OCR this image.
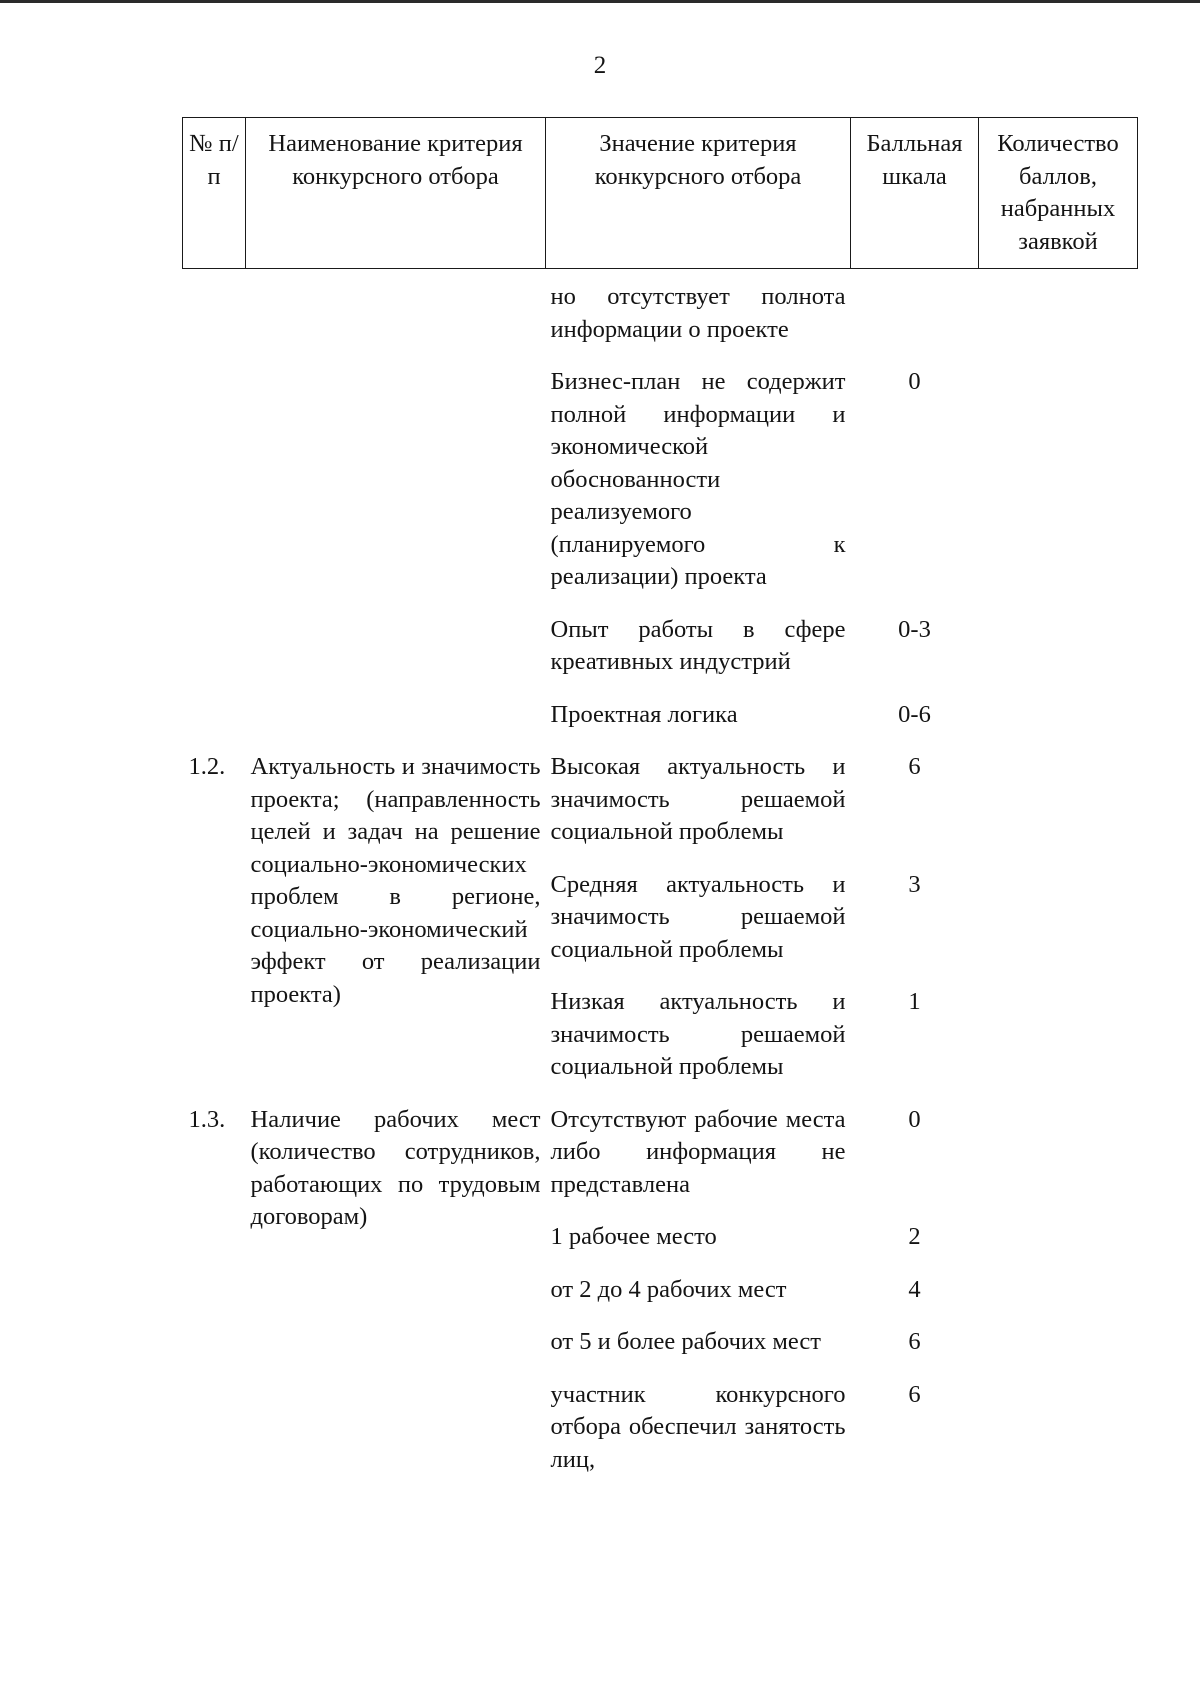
2
№ п/п	Наименование критерия конкурсного отбора	Значение критерия конкурсного отбора	Балльная шкала	Количество баллов, набранных заявкой
		но отсутствует полнота информации о проекте		
		Бизнес-план не содержит полной информации и экономической обоснованности реализуемого (планируемого к реализации) проекта	0	
		Опыт работы в сфере креативных индустрий	0-3	
		Проектная логика	0-6	
1.2.	Актуальность и значимость проекта; (направленность целей и задач на решение социально-экономических проблем в регионе, социально-экономический эффект от реализации проекта)	Высокая актуальность и значимость решаемой социальной проблемы	6	
		Средняя актуальность и значимость решаемой социальной проблемы	3	
		Низкая актуальность и значимость решаемой социальной проблемы	1	
1.3.	Наличие рабочих мест (количество сотрудников, работающих по трудовым договорам)	Отсутствуют рабочие места либо информация не представлена	0	
		1 рабочее место	2	
		от 2 до 4 рабочих мест	4	
		от 5 и более рабочих мест	6	
		участник конкурсного отбора обеспечил занятость лиц,	6	
